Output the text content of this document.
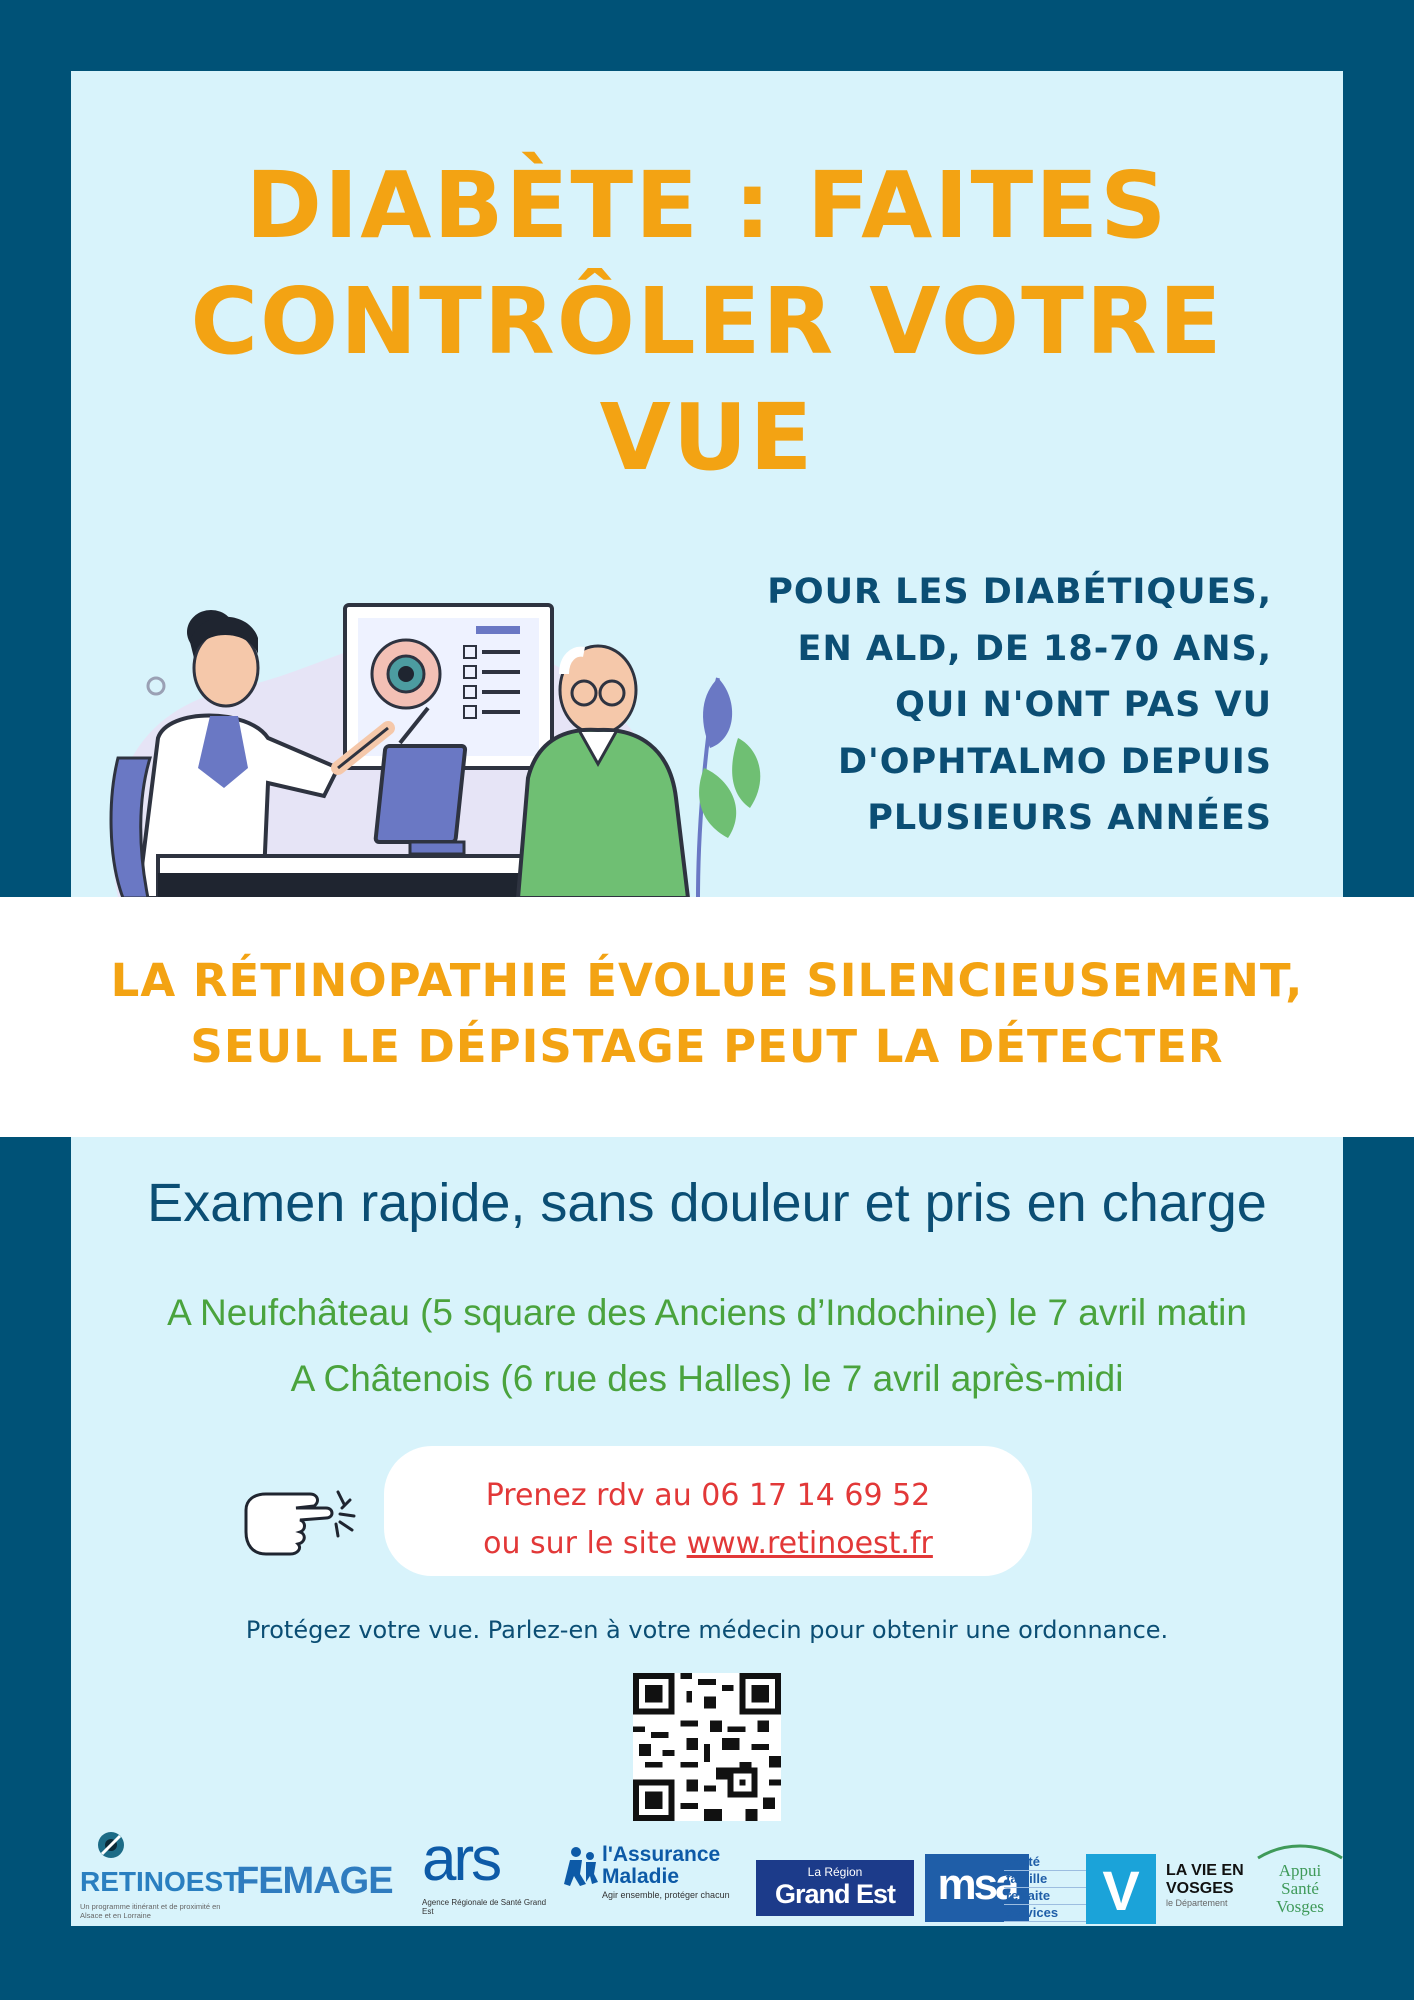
DIABÈTE : FAITES
CONTRÔLER VOTRE
VUE
POUR LES DIABÉTIQUES,
EN ALD, DE 18-70 ANS,
QUI N'ONT PAS VU
D'OPHTALMO DEPUIS
PLUSIEURS ANNÉES
LA RÉTINOPATHIE ÉVOLUE SILENCIEUSEMENT,
SEUL LE DÉPISTAGE PEUT LA DÉTECTER
Examen rapide, sans douleur et pris en charge
A Neufchâteau (5 square des Anciens d’Indochine) le 7 avril matin
A Châtenois (6 rue des Halles) le 7 avril après-midi
Prenez rdv au 06 17 14 69 52
ou sur le site www.retinoest.fr
Protégez votre vue. Parlez-en à votre médecin pour obtenir une ordonnance.
RETINOEST
Un programme itinérant et de proximité en Alsace et en Lorraine
FEMAGE ars
Agence Régionale de Santé Grand Est
l'Assurance
Maladie
Agir ensemble, protéger chacun
La Région
Grand Est msa
santé
famille
retraite
services V	LA VIE EN
VOSGES
le Département
Appui
Santé
Vosges
